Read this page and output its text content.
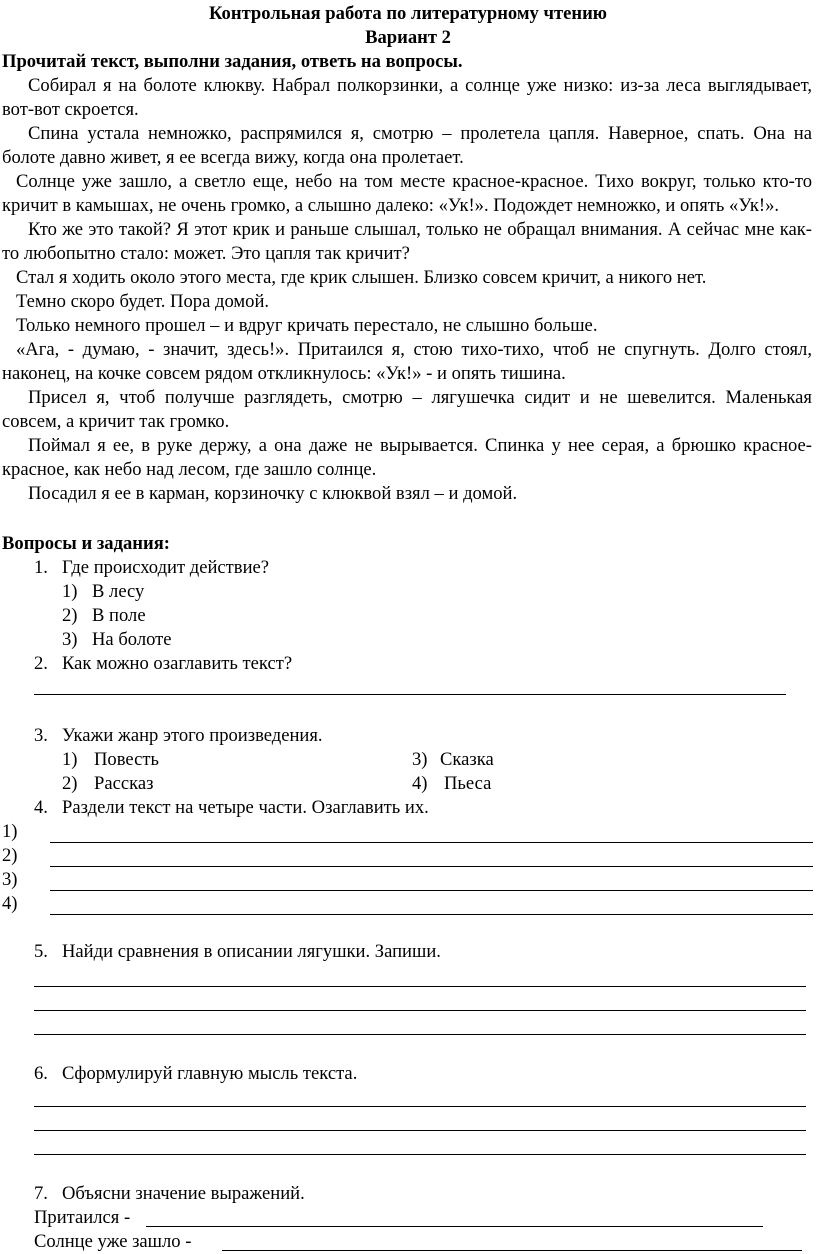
Контрольная работа по литературному чтению
Вариант 2
Прочитай текст, выполни задания, ответь на вопросы.
Собирал я на болоте клюкву. Набрал полкорзинки, а солнце уже низко: из-за леса выглядывает, вот-вот скроется.
Спина устала немножко, распрямился я, смотрю – пролетела цапля. Наверное, спать. Она на болоте давно живет, я ее всегда вижу, когда она пролетает.
Солнце уже зашло, а светло еще, небо на том месте красное-красное. Тихо вокруг, только кто-то кричит в камышах, не очень громко, а слышно далеко: «Ук!». Подождет немножко, и опять «Ук!».
Кто же это такой? Я этот крик и раньше слышал, только не обращал внимания. А сейчас мне как-то любопытно стало: может. Это цапля так кричит?
Стал я ходить около этого места, где крик слышен. Близко совсем кричит, а никого нет.
Темно скоро будет. Пора домой.
Только немного прошел – и вдруг кричать перестало, не слышно больше.
«Ага, - думаю, - значит, здесь!». Притаился я, стою тихо-тихо, чтоб не спугнуть. Долго стоял, наконец, на кочке совсем рядом откликнулось: «Ук!» - и опять тишина.
Присел я, чтоб получше разглядеть, смотрю – лягушечка сидит и не шевелится. Маленькая совсем, а кричит так громко.
Поймал я ее, в руке держу, а она даже не вырывается. Спинка у нее серая, а брюшко красное-красное, как небо над лесом, где зашло солнце.
Посадил я ее в карман, корзиночку с клюквой взял – и домой.
Вопросы и задания:
1. Где происходит действие?
1) В лесу
2) В поле
3) На болоте
2. Как можно озаглавить текст?
3. Укажи жанр этого произведения.
1) Повесть	3) Сказка
2) Рассказ	4) Пьеса
4. Раздели текст на четыре части. Озаглавить их.
1)
2)
3)
4)
5. Найди сравнения в описании лягушки. Запиши.
6. Сформулируй главную мысль текста.
7. Объясни значение выражений.
Притаился -
Солнце уже зашло -
